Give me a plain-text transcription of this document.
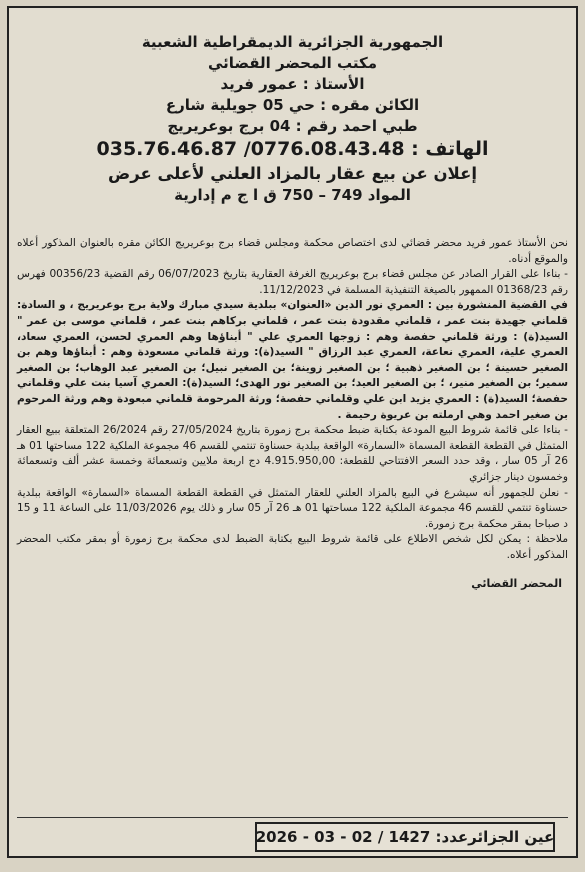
الجمهورية الجزائرية الديمقراطية الشعبية
مكتب المحضر القضائي
الأستاذ : عمور فريد
الكائن مقره : حي 05 جويلية شارع
طبي احمد رقم : 04 برج بوعريريج
الهاتف : 0776.08.43.48/ 035.76.46.87
إعلان عن بيع عقار بالمزاد العلني لأعلى عرض
المواد 749 – 750 ق ا ج م إدارية

نحن الأستاذ عمور فريد محضر قضائي لدى اختصاص محكمة ومجلس قضاء برج بوعريريج الكائن مقره بالعنوان المذكور أعلاه والموقع أدناه.

- بناءا على القرار الصادر عن مجلس قضاء برج بوعريريج الغرفة العقارية بتاريخ 06/07/2023 رقم القضية 00356/23 فهرس رقم 01368/23 الممهور بالصيغة التنفيذية المسلمة في 11/12/2023.

في القضية المنشورة بين : العمري نور الدين «العنوان» ببلدية سيدي مبارك ولاية برج بوعريريج ، و السادة: قلماني جهيدة بنت عمر ، قلماني مقدودة بنت عمر ، قلماني بركاهم بنت عمر ، قلماني موسى بن عمر " السيد(ة) : ورثة قلماني حفصة وهم : زوجها العمري علي " أبناؤها وهم العمري لحسن، العمري سعاد، العمري علية، العمري نعاعة، العمري عبد الرزاق " السيد(ة): ورثة قلماني مسعودة وهم : أبناؤها وهم بن الصغير حسينة ؛ بن الصغير ذهبية ؛ بن الصغير زوينة؛ بن الصغير نبيل؛ بن الصغير عبد الوهاب؛ بن الصغير سمير؛ بن الصغير منير، ؛ بن الصغير العيد؛ بن الصغير نور الهدى؛ السيد(ة): العمري آسيا بنت علي وقلماني حفصة؛ السيد(ة) : العمري يزيد ابن علي وقلماني حفصة؛ ورثة المرحومة قلماني مبعودة وهم ورثة المرحوم بن صغير احمد وهي ارملته بن عريوة رحيمة .

- بناءا على قائمة شروط البيع المودعة بكتابة ضبط محكمة برج زمورة بتاريخ 27/05/2024 رقم 26/2024 المتعلقة ببيع العقار المتمثل في القطعة القطعة المسماة «السمارة» الواقعة ببلدية حسناوة تنتمي للقسم 46 مجموعة الملكية 122 مساحتها 01 هـ 26 آر 05 سار ، وقد حدد السعر الافتتاحي للقطعة: 4.915.950,00 دج اربعة ملايين وتسعمائة وخمسة عشر ألف وتسعمائة وخمسون دينار جزائري

- نعلن للجمهور أنه سيشرع في البيع بالمزاد العلني للعقار المتمثل في القطعة القطعة المسماة «السمارة» الواقعة ببلدية حسناوة تنتمي للقسم 46 مجموعة الملكية 122 مساحتها 01 هـ 26 آر 05 سار و ذلك يوم 11/03/2026 على الساعة 11 و 15 د صباحا بمقر محكمة برج زمورة.

ملاحظة : يمكن لكل شخص الاطلاع على قائمة شروط البيع بكتابة الضبط لدى محكمة برج زمورة أو بمقر مكتب المحضر المذكور أعلاه.

المحضر القضائي
عين الجزائرعدد: 1427 / 02 - 03 - 2026
